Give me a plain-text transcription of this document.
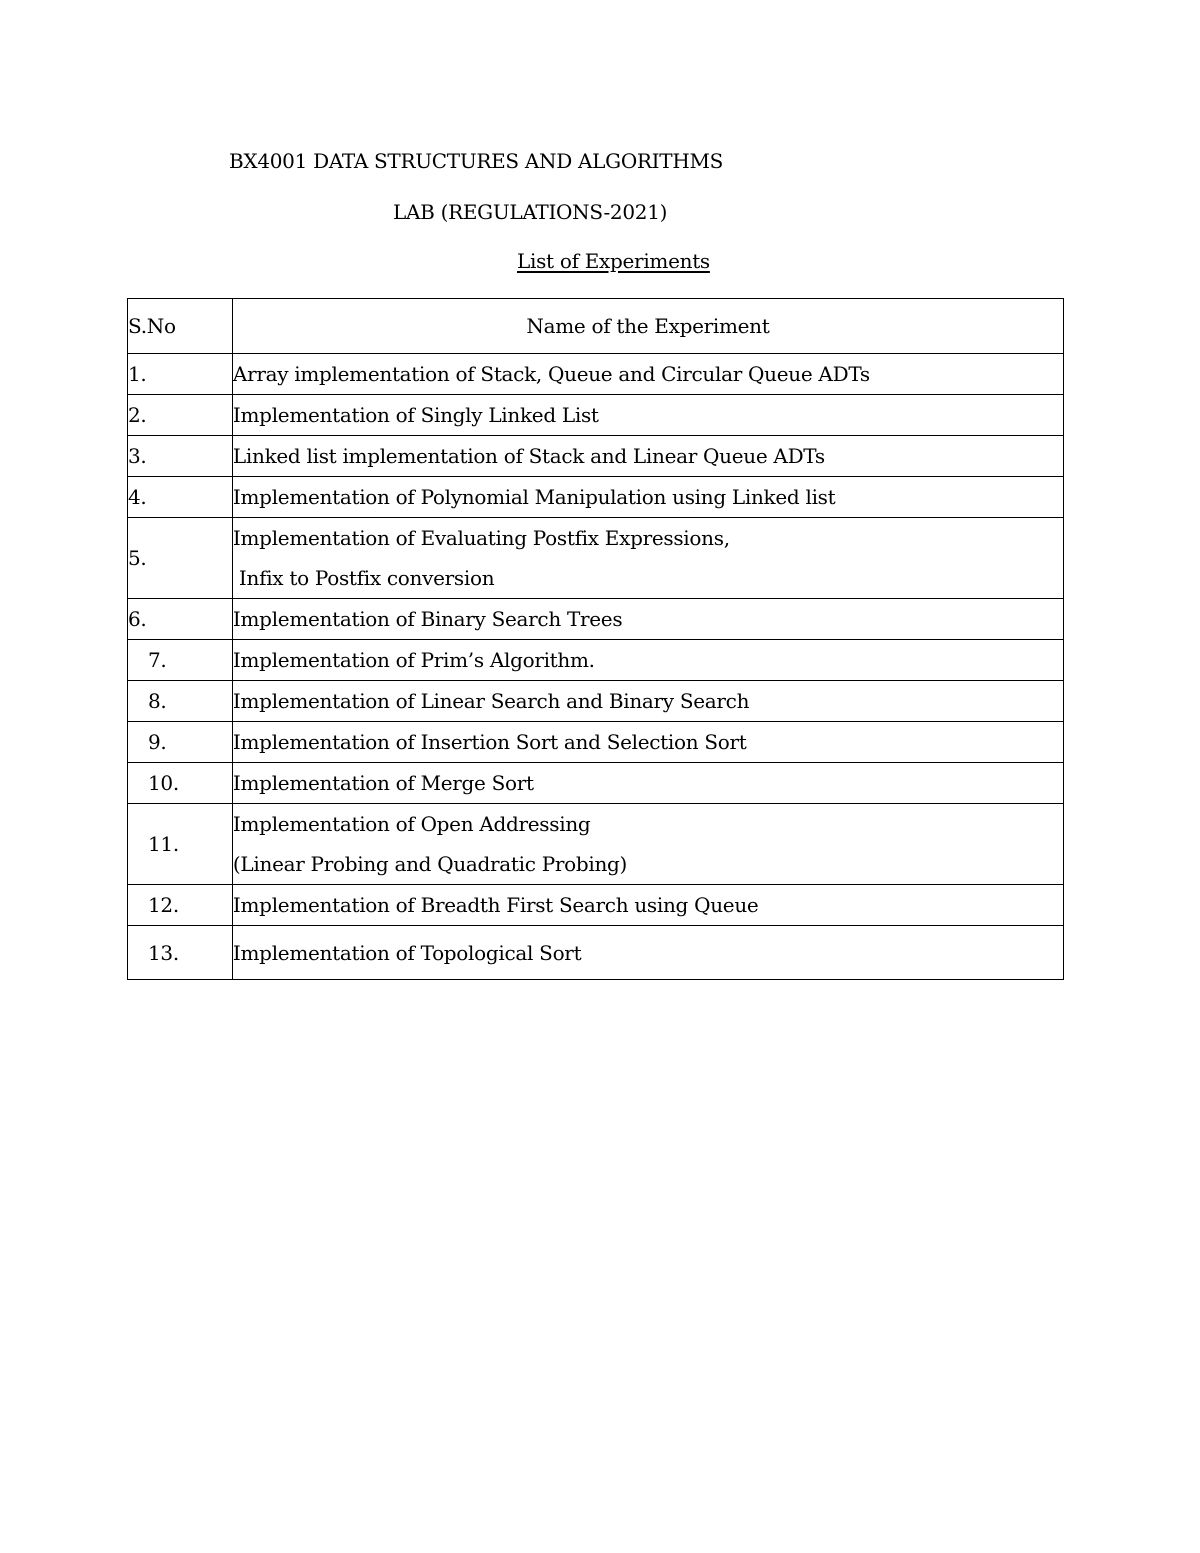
BX4001 DATA STRUCTURES AND ALGORITHMS
LAB (REGULATIONS-2021)
List of Experiments
S.No	Name of the Experiment
1.	Array implementation of Stack, Queue and Circular Queue ADTs

2.	Implementation of Singly Linked List

3.	Linked list implementation of Stack and Linear Queue ADTs

4.	Implementation of Polynomial Manipulation using Linked list

5.	Implementation of Evaluating Postfix Expressions,
Infix to Postfix conversion

6.	Implementation of Binary Search Trees

7.	Implementation of Prim’s Algorithm.

8.	Implementation of Linear Search and Binary Search

9.	Implementation of Insertion Sort and Selection Sort

10.	Implementation of Merge Sort

11.	Implementation of Open Addressing
(Linear Probing and Quadratic Probing)

12.	Implementation of Breadth First Search using Queue

13.	Implementation of Topological Sort
